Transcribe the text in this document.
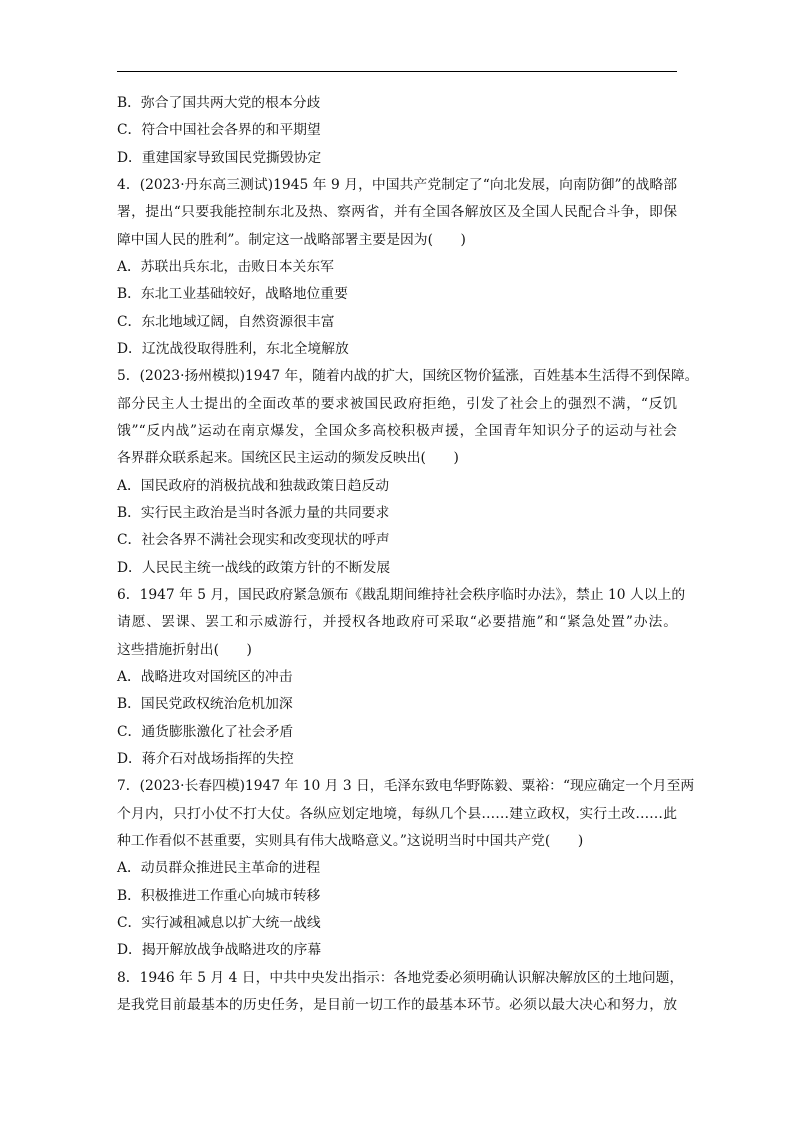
B．弥合了国共两大党的根本分歧
C．符合中国社会各界的和平期望
D．重建国家导致国民党撕毁协定
4．(2023·丹东高三测试)1945 年 9 月，中国共产党制定了“向北发展，向南防御”的战略部
署，提出“只要我能控制东北及热、察两省，并有全国各解放区及全国人民配合斗争，即保
障中国人民的胜利”。制定这一战略部署主要是因为(　　)
A．苏联出兵东北，击败日本关东军
B．东北工业基础较好，战略地位重要
C．东北地域辽阔，自然资源很丰富
D．辽沈战役取得胜利，东北全境解放
5．(2023·扬州模拟)1947 年，随着内战的扩大，国统区物价猛涨，百姓基本生活得不到保障。
部分民主人士提出的全面改革的要求被国民政府拒绝，引发了社会上的强烈不满，“反饥
饿”“反内战”运动在南京爆发，全国众多高校积极声援，全国青年知识分子的运动与社会
各界群众联系起来。国统区民主运动的频发反映出(　　)
A．国民政府的消极抗战和独裁政策日趋反动
B．实行民主政治是当时各派力量的共同要求
C．社会各界不满社会现实和改变现状的呼声
D．人民民主统一战线的政策方针的不断发展
6．1947 年 5 月，国民政府紧急颁布《戡乱期间维持社会秩序临时办法》，禁止 10 人以上的
请愿、罢课、罢工和示威游行，并授权各地政府可采取“必要措施”和“紧急处置”办法。
这些措施折射出(　　)
A．战略进攻对国统区的冲击
B．国民党政权统治危机加深
C．通货膨胀激化了社会矛盾
D．蒋介石对战场指挥的失控
7．(2023·长春四模)1947 年 10 月 3 日，毛泽东致电华野陈毅、粟裕：“现应确定一个月至两
个月内，只打小仗不打大仗。各纵应划定地境，每纵几个县……建立政权，实行土改……此
种工作看似不甚重要，实则具有伟大战略意义。”这说明当时中国共产党(　　)
A．动员群众推进民主革命的进程
B．积极推进工作重心向城市转移
C．实行减租减息以扩大统一战线
D．揭开解放战争战略进攻的序幕
8．1946 年 5 月 4 日，中共中央发出指示：各地党委必须明确认识解决解放区的土地问题，
是我党目前最基本的历史任务，是目前一切工作的最基本环节。必须以最大决心和努力，放
